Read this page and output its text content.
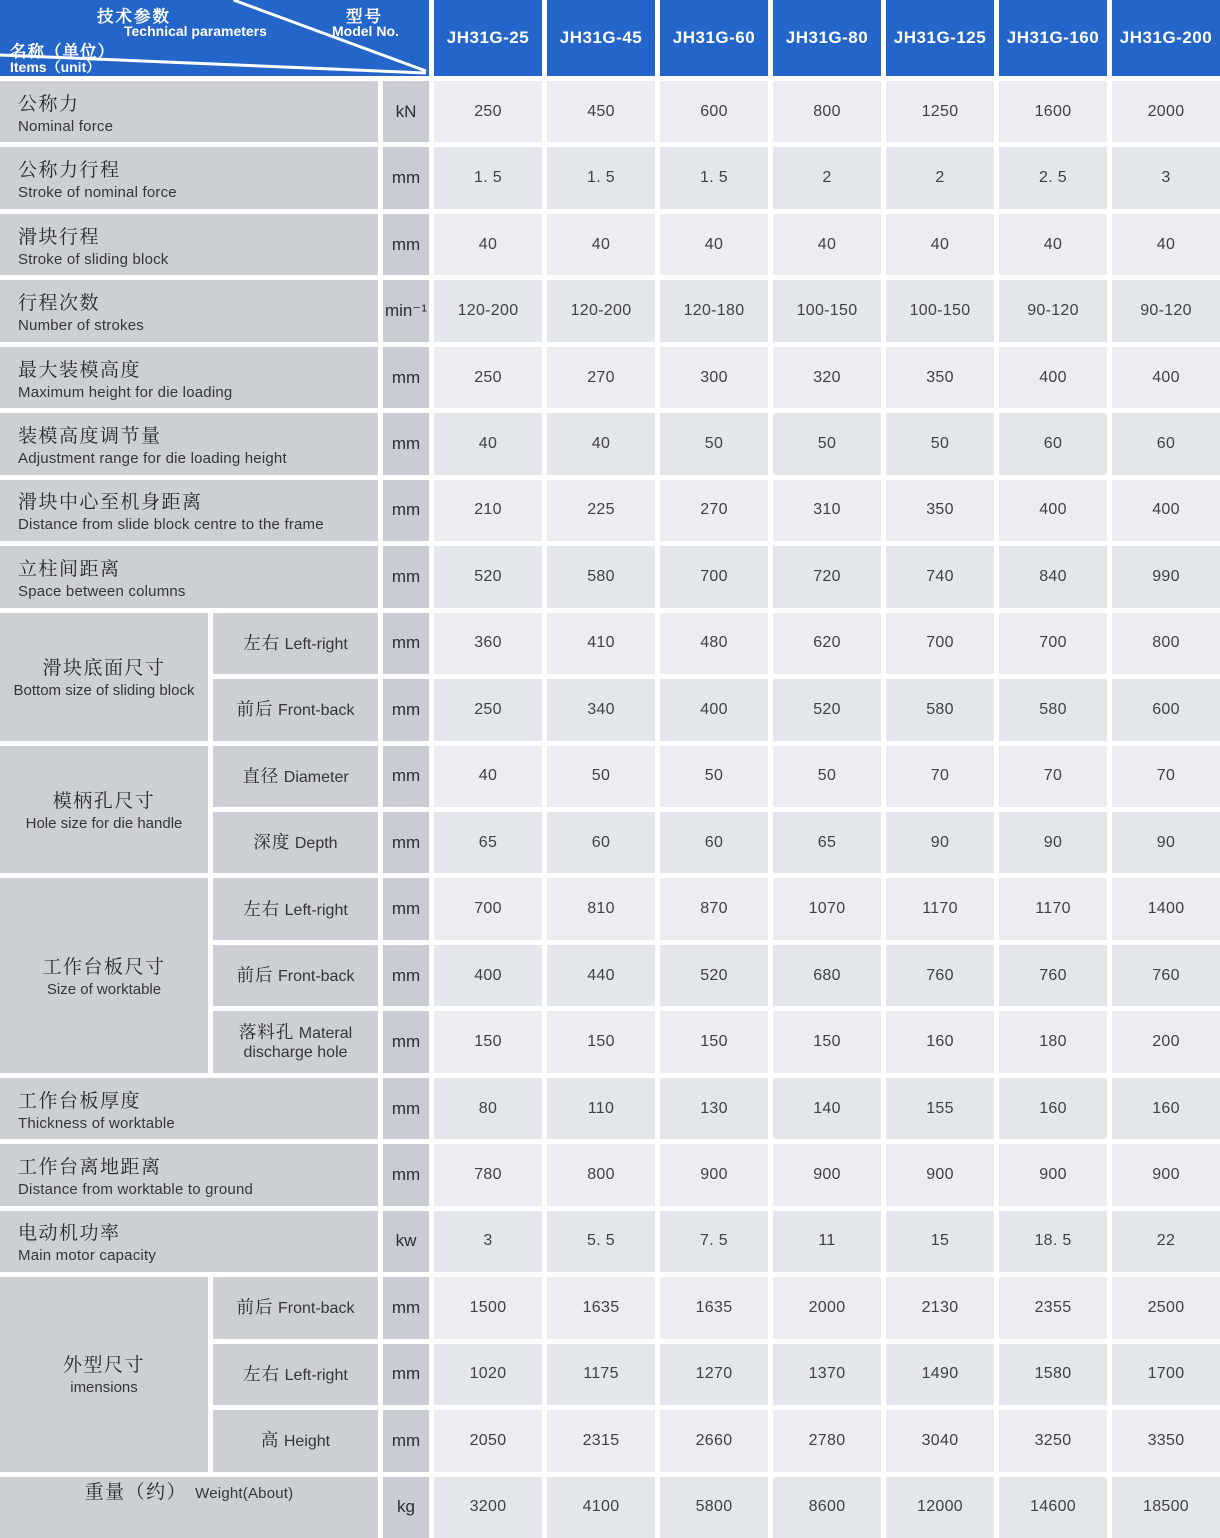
技术参数
Technical parameters
型号
Model No.
名称（单位）
Items（unit）
JH31G-25	JH31G-45	JH31G-60	JH31G-80	JH31G-125	JH31G-160	JH31G-200
公称力
Nominal force
kN	250	450	600	800	1250	1600	2000
公称力行程
Stroke of nominal force
mm	1. 5	1. 5	1. 5	2	2	2. 5	3
滑块行程
Stroke of sliding block
mm	40	40	40	40	40	40	40
行程次数
Number of strokes
min⁻¹	120-200	120-200	120-180	100-150	100-150	90-120	90-120
最大装模高度
Maximum height for die loading
mm	250	270	300	320	350	400	400
装模高度调节量
Adjustment range for die loading height
mm	40	40	50	50	50	60	60
滑块中心至机身距离
Distance from slide block centre to the frame
mm	210	225	270	310	350	400	400
立柱间距离
Space between columns
mm	520	580	700	720	740	840	990
滑块底面尺寸
Bottom size of sliding block
左右 Left-right	mm	360	410	480	620	700	700	800
前后 Front-back	mm	250	340	400	520	580	580	600
模柄孔尺寸
Hole size for die handle
直径 Diameter	mm	40	50	50	50	70	70	70
深度 Depth	mm	65	60	60	65	90	90	90
工作台板尺寸
Size of worktable
左右 Left-right	mm	700	810	870	1070	1170	1170	1400
前后 Front-back	mm	400	440	520	680	760	760	760
落料孔 Materal discharge hole
mm	150	150	150	150	160	180	200
工作台板厚度
Thickness of worktable
mm	80	110	130	140	155	160	160
工作台离地距离
Distance from worktable to ground
mm	780	800	900	900	900	900	900
电动机功率
Main motor capacity
kw	3	5. 5	7. 5	11	15	18. 5	22
外型尺寸
imensions
前后 Front-back	mm	1500	1635	1635	2000	2130	2355	2500
左右 Left-right	mm	1020	1175	1270	1370	1490	1580	1700
高 Height	mm	2050	2315	2660	2780	3040	3250	3350
重量（约） Weight(About)
kg	3200	4100	5800	8600	12000	14600	18500
